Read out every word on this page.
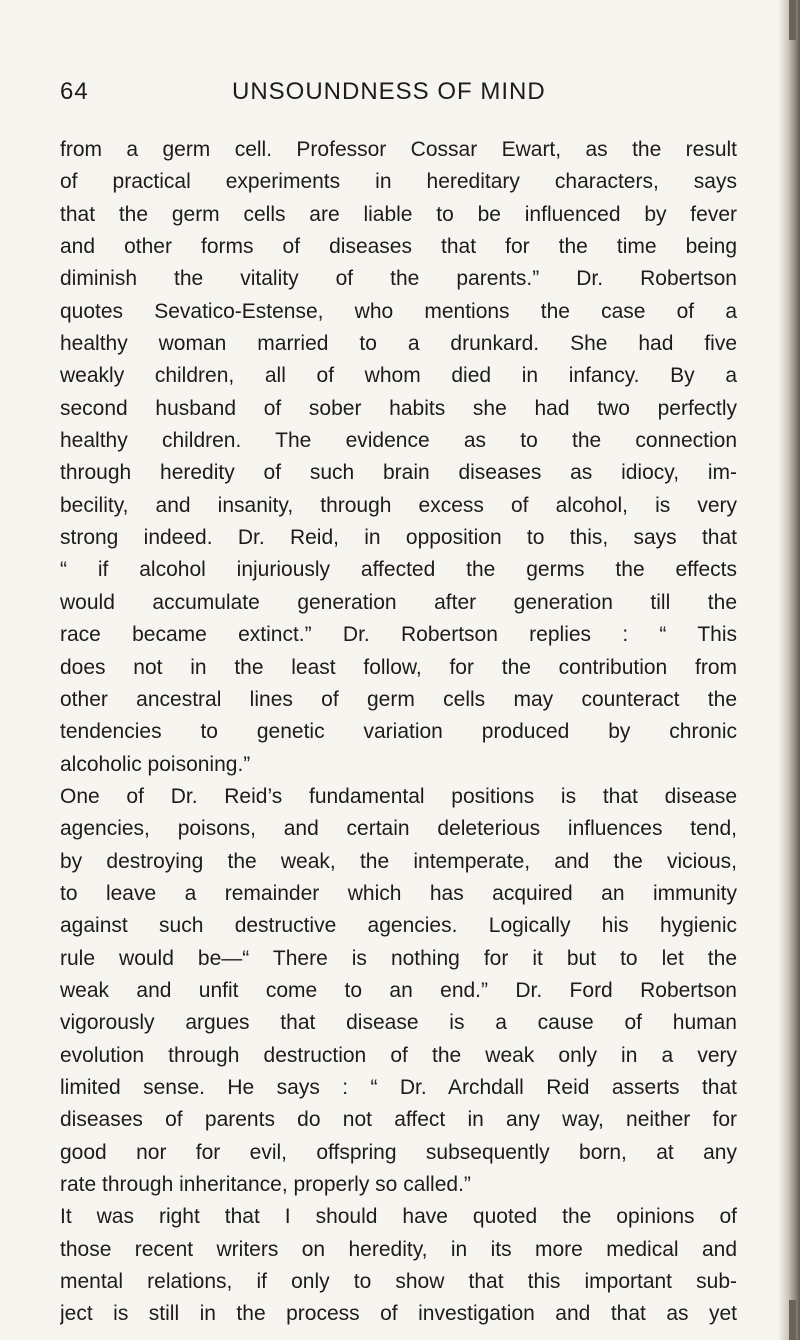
64	UNSOUNDNESS OF MIND
from a germ cell. Professor Cossar Ewart, as the result
of practical experiments in hereditary characters, says
that the germ cells are liable to be influenced by fever
and other forms of diseases that for the time being
diminish the vitality of the parents.” Dr. Robertson
quotes Sevatico-Estense, who mentions the case of a
healthy woman married to a drunkard. She had five
weakly children, all of whom died in infancy. By a
second husband of sober habits she had two perfectly
healthy children. The evidence as to the connection
through heredity of such brain diseases as idiocy, im-
becility, and insanity, through excess of alcohol, is very
strong indeed. Dr. Reid, in opposition to this, says that
“ if alcohol injuriously affected the germs the effects
would accumulate generation after generation till the
race became extinct.” Dr. Robertson replies : “ This
does not in the least follow, for the contribution from
other ancestral lines of germ cells may counteract the
tendencies to genetic variation produced by chronic
alcoholic poisoning.”
One of Dr. Reid’s fundamental positions is that disease
agencies, poisons, and certain deleterious influences tend,
by destroying the weak, the intemperate, and the vicious,
to leave a remainder which has acquired an immunity
against such destructive agencies. Logically his hygienic
rule would be—“ There is nothing for it but to let the
weak and unfit come to an end.” Dr. Ford Robertson
vigorously argues that disease is a cause of human
evolution through destruction of the weak only in a very
limited sense. He says : “ Dr. Archdall Reid asserts that
diseases of parents do not affect in any way, neither for
good nor for evil, offspring subsequently born, at any
rate through inheritance, properly so called.”
It was right that I should have quoted the opinions of
those recent writers on heredity, in its more medical and
mental relations, if only to show that this important sub-
ject is still in the process of investigation and that as yet
